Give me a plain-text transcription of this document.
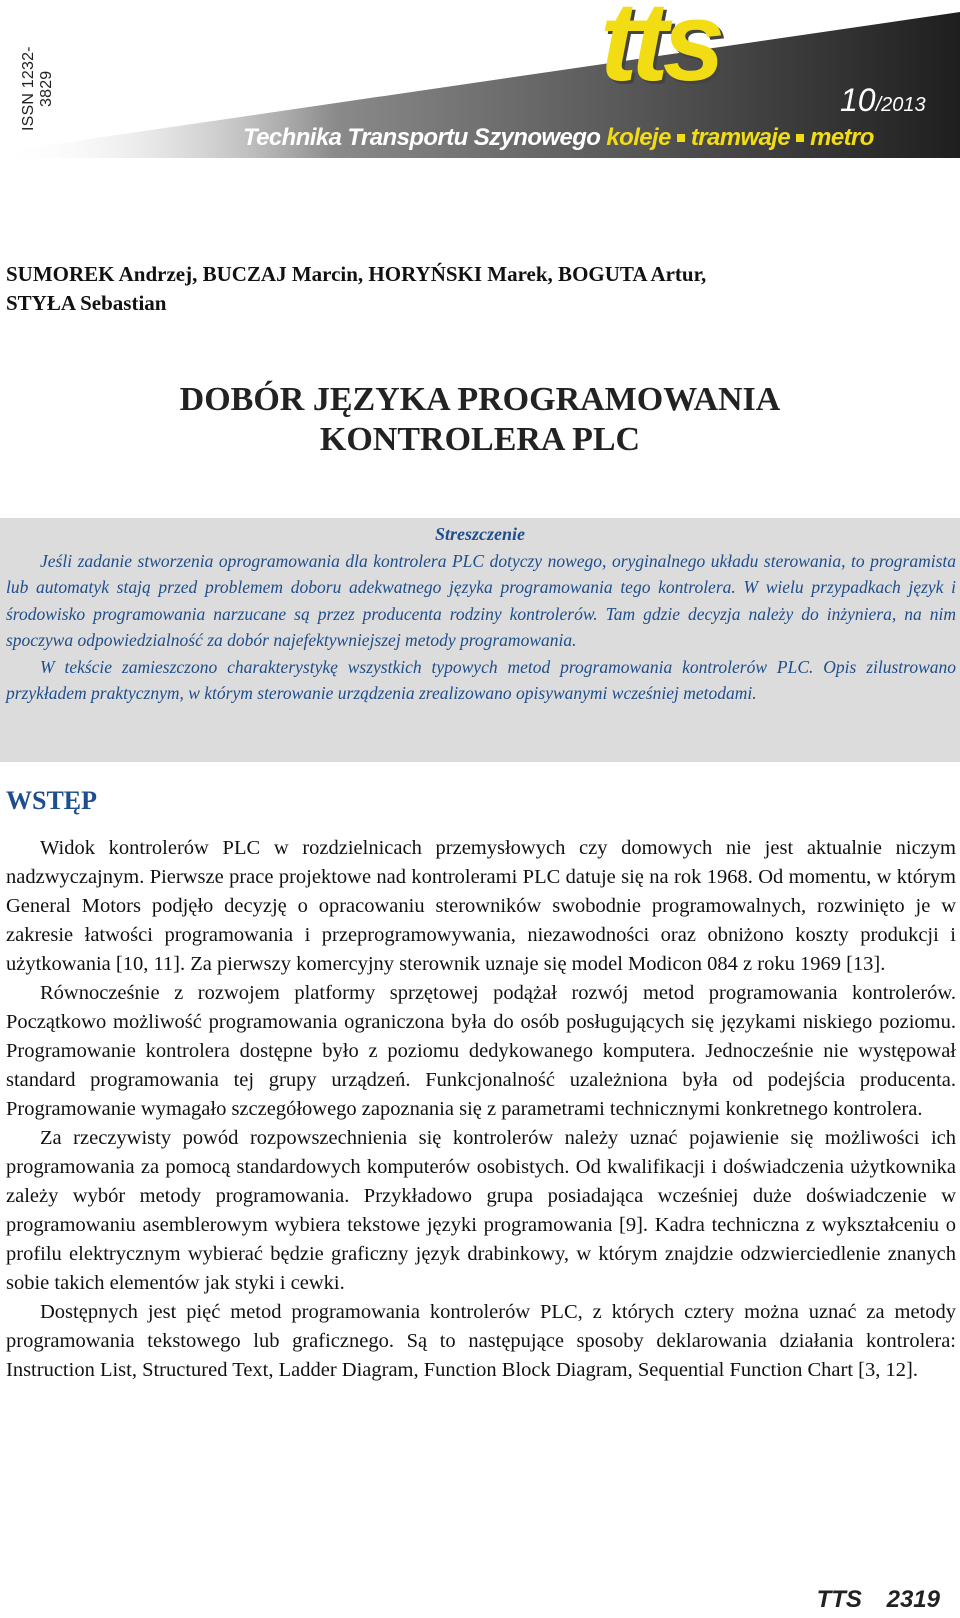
ISSN 1232-3829	tts	10/2013
Technika Transportu Szynowego koleje tramwaje metro
SUMOREK Andrzej, BUCZAJ Marcin, HORYŃSKI Marek, BOGUTA Artur,
STYŁA Sebastian
DOBÓR JĘZYKA PROGRAMOWANIA
KONTROLERA PLC
Streszczenie

Jeśli zadanie stworzenia oprogramowania dla kontrolera PLC dotyczy nowego, oryginalnego układu sterowania, to programista lub automatyk stają przed problemem doboru adekwatnego języka programowania tego kontrolera. W wielu przypadkach język i środowisko programowania narzucane są przez producenta rodziny kontrolerów. Tam gdzie decyzja należy do inżyniera, na nim spoczywa odpowiedzialność za dobór najefektywniejszej metody programowania.

W tekście zamieszczono charakterystykę wszystkich typowych metod programowania kontrolerów PLC. Opis zilustrowano przykładem praktycznym, w którym sterowanie urządzenia zrealizowano opisywanymi wcześniej metodami.

WSTĘP

Widok kontrolerów PLC w rozdzielnicach przemysłowych czy domowych nie jest aktualnie niczym nadzwyczajnym. Pierwsze prace projektowe nad kontrolerami PLC datuje się na rok 1968. Od momentu, w którym General Motors podjęło decyzję o opracowaniu sterowników swobodnie programowalnych, rozwinięto je w zakresie łatwości programowania i przeprogramowywania, niezawodności oraz obniżono koszty produkcji i użytkowania [10, 11]. Za pierwszy komercyjny sterownik uznaje się model Modicon 084 z roku 1969 [13].

Równocześnie z rozwojem platformy sprzętowej podążał rozwój metod programowania kontrolerów. Początkowo możliwość programowania ograniczona była do osób posługujących się językami niskiego poziomu. Programowanie kontrolera dostępne było z poziomu dedykowanego komputera. Jednocześnie nie występował standard programowania tej grupy urządzeń. Funkcjonalność uzależniona była od podejścia producenta. Programowanie wymagało szczegółowego zapoznania się z parametrami technicznymi konkretnego kontrolera.

Za rzeczywisty powód rozpowszechnienia się kontrolerów należy uznać pojawienie się możliwości ich programowania za pomocą standardowych komputerów osobistych. Od kwalifikacji i doświadczenia użytkownika zależy wybór metody programowania. Przykładowo grupa posiadająca wcześniej duże doświadczenie w programowaniu asemblerowym wybiera tekstowe języki programowania [9]. Kadra techniczna z wykształceniu o profilu elektrycznym wybierać będzie graficzny język drabinkowy, w którym znajdzie odzwierciedlenie znanych sobie takich elementów jak styki i cewki.

Dostępnych jest pięć metod programowania kontrolerów PLC, z których cztery można uznać za metody programowania tekstowego lub graficznego. Są to następujące sposoby deklarowania działania kontrolera: Instruction List, Structured Text, Ladder Diagram, Function Block Diagram, Sequential Function Chart [3, 12].

TTS 2319
